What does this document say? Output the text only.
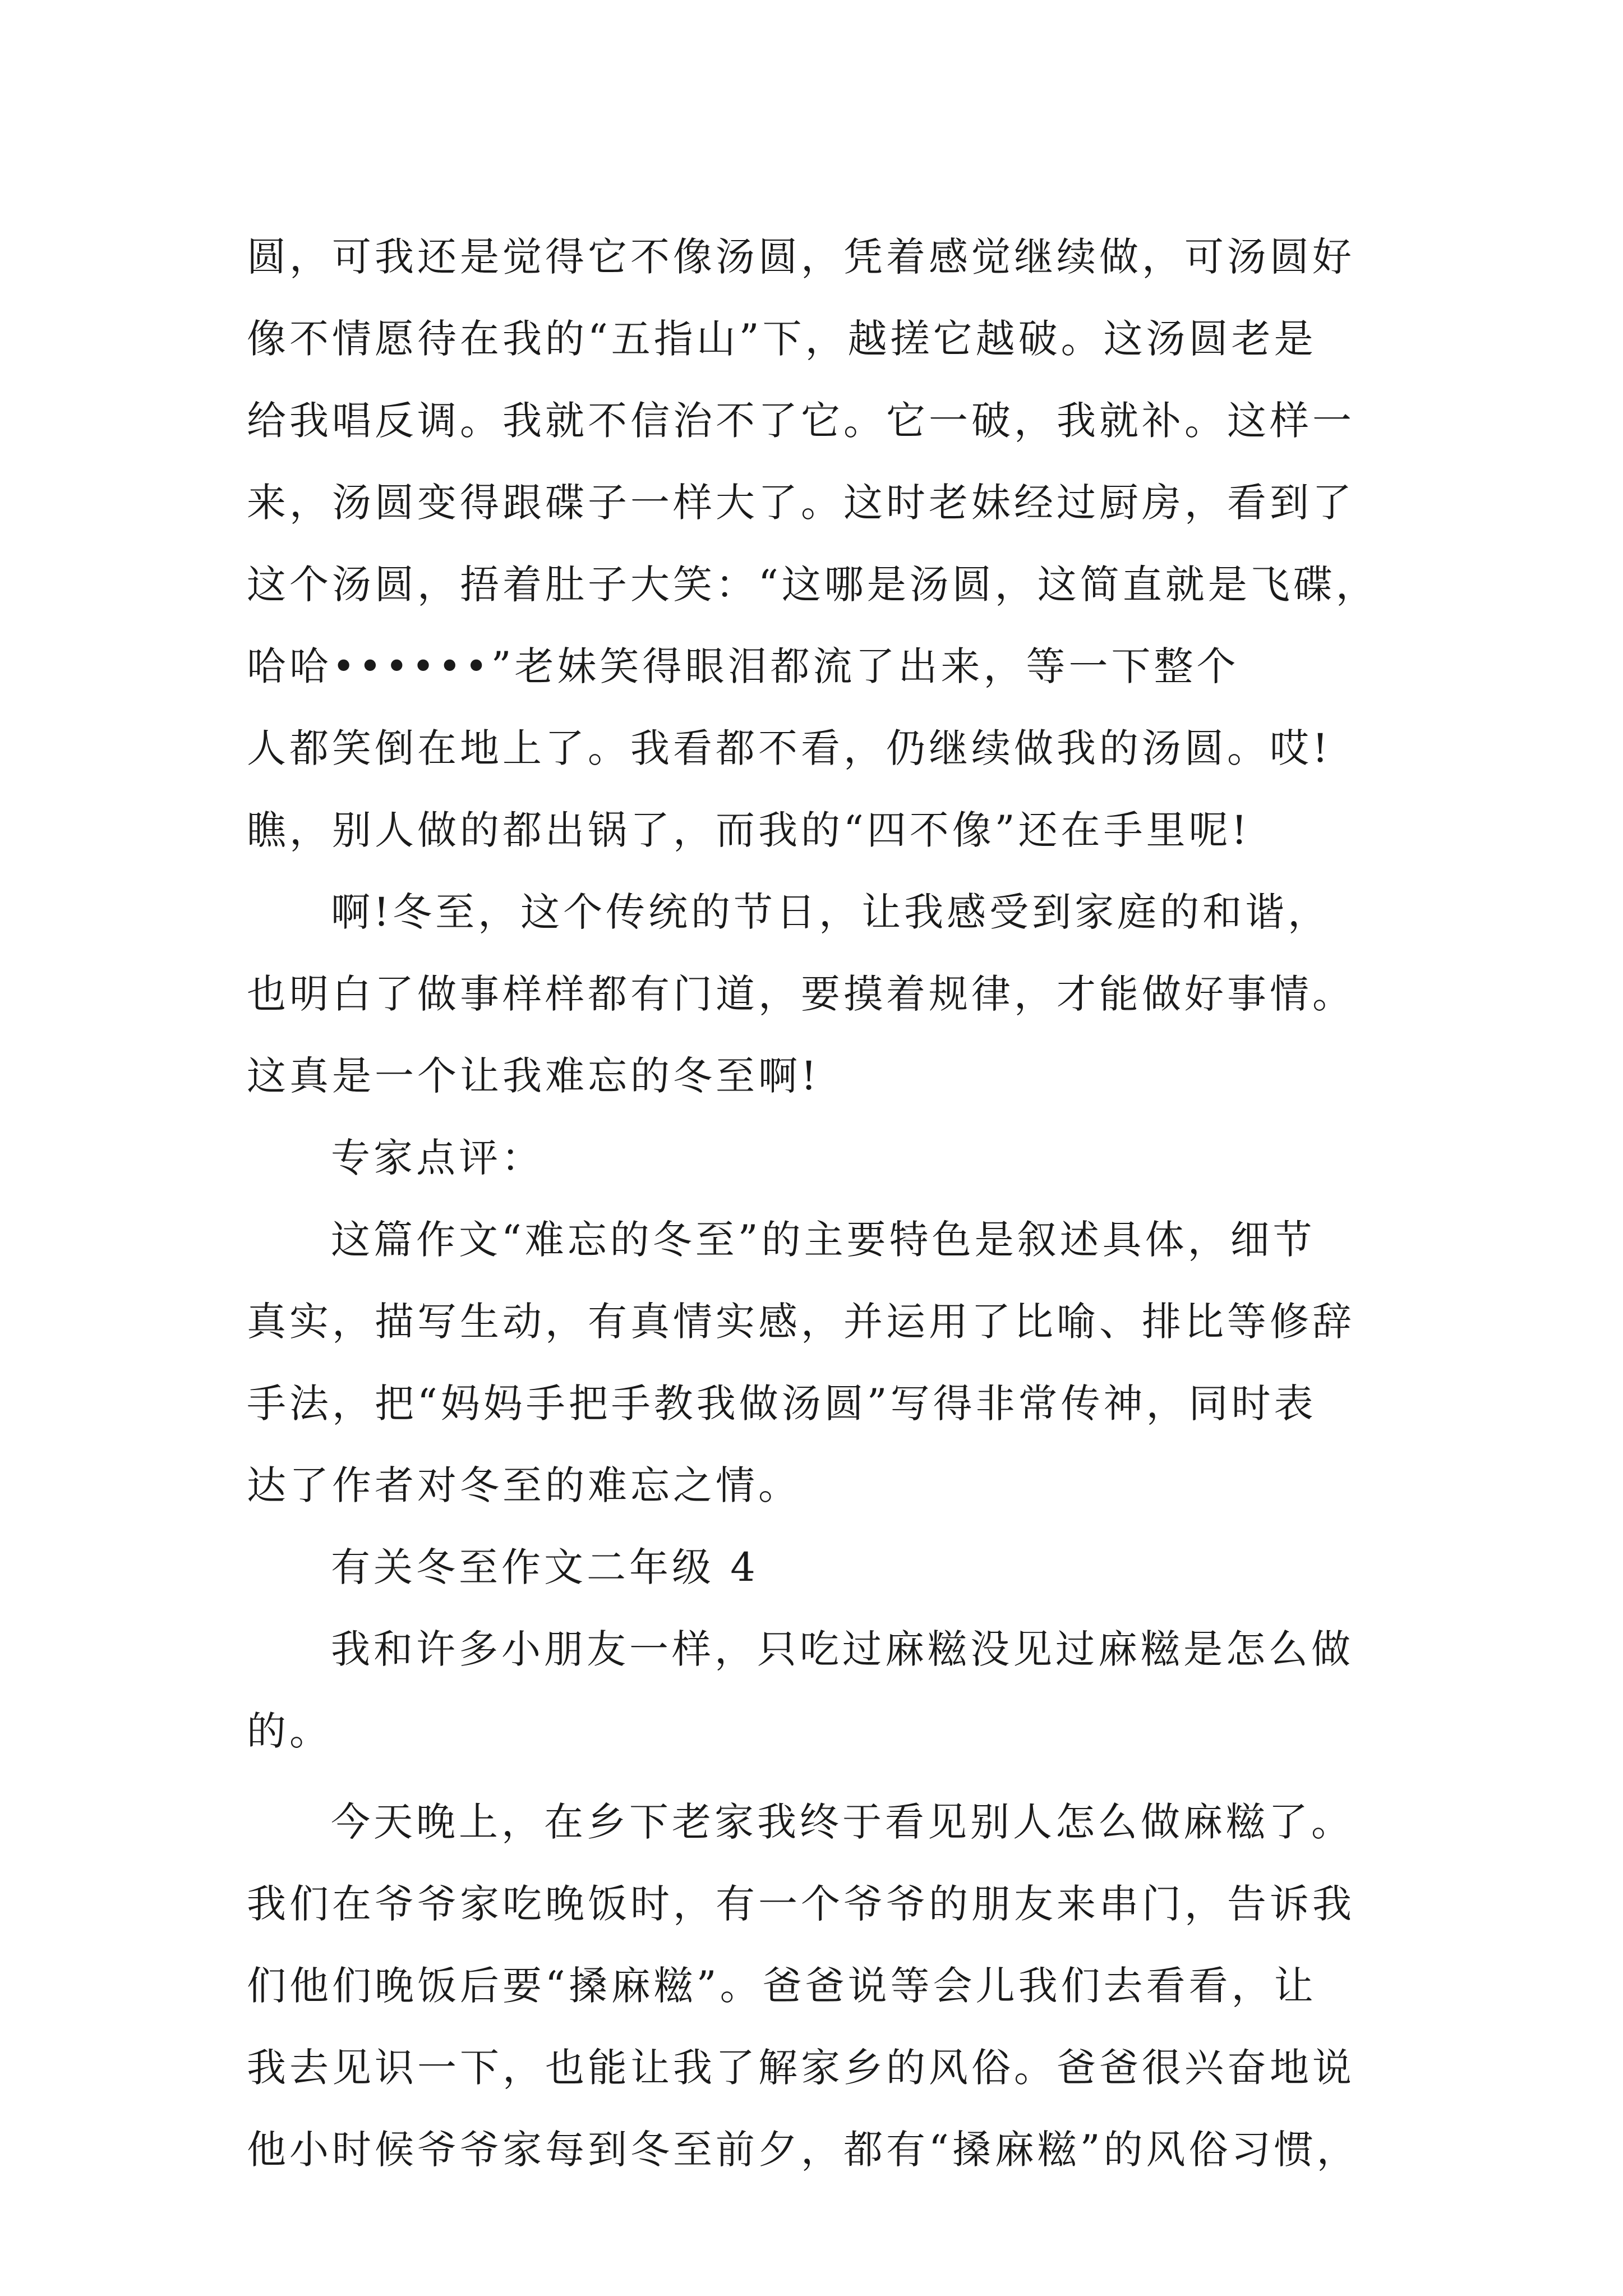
圆，可我还是觉得它不像汤圆，凭着感觉继续做，可汤圆好
像不情愿待在我的“五指山”下，越搓它越破。这汤圆老是
给我唱反调。我就不信治不了它。它一破，我就补。这样一
来，汤圆变得跟碟子一样大了。这时老妹经过厨房，看到了
这个汤圆，捂着肚子大笑：“这哪是汤圆，这简直就是飞碟，
哈哈••••••”老妹笑得眼泪都流了出来，等一下整个
人都笑倒在地上了。我看都不看，仍继续做我的汤圆。哎!
瞧，别人做的都出锅了，而我的“四不像”还在手里呢!
啊!冬至，这个传统的节日，让我感受到家庭的和谐，
也明白了做事样样都有门道，要摸着规律，才能做好事情。
这真是一个让我难忘的冬至啊!
专家点评：
这篇作文“难忘的冬至”的主要特色是叙述具体，细节
真实，描写生动，有真情实感，并运用了比喻、排比等修辞
手法，把“妈妈手把手教我做汤圆”写得非常传神，同时表
达了作者对冬至的难忘之情。
有关冬至作文二年级 4
我和许多小朋友一样，只吃过麻糍没见过麻糍是怎么做
的。
今天晚上，在乡下老家我终于看见别人怎么做麻糍了。
我们在爷爷家吃晚饭时，有一个爷爷的朋友来串门，告诉我
们他们晚饭后要“搡麻糍”。爸爸说等会儿我们去看看，让
我去见识一下，也能让我了解家乡的风俗。爸爸很兴奋地说
他小时候爷爷家每到冬至前夕，都有“搡麻糍”的风俗习惯，
